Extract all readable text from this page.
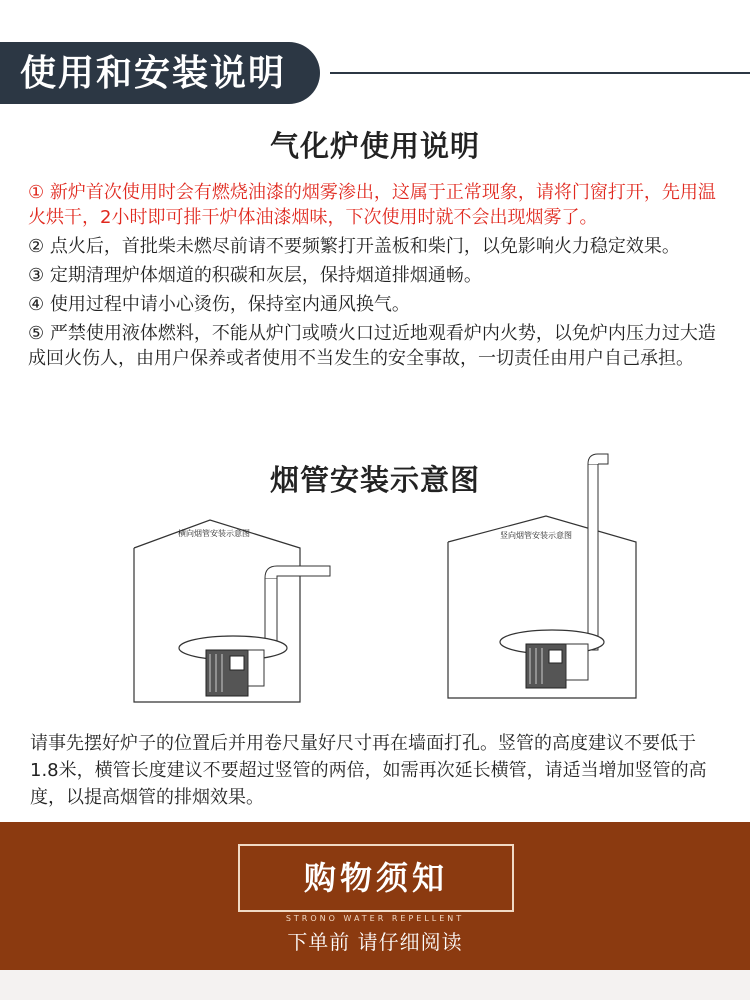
使用和安装说明
气化炉使用说明

① 新炉首次使用时会有燃烧油漆的烟雾渗出，这属于正常现象，请将门窗打开，先用温火烘干，2小时即可排干炉体油漆烟味，下次使用时就不会出现烟雾了。

② 点火后，首批柴未燃尽前请不要频繁打开盖板和柴门，以免影响火力稳定效果。

③ 定期清理炉体烟道的积碳和灰层，保持烟道排烟通畅。

④ 使用过程中请小心烫伤，保持室内通风换气。

⑤ 严禁使用液体燃料，不能从炉门或喷火口过近地观看炉内火势，以免炉内压力过大造成回火伤人，由用户保养或者使用不当发生的安全事故，一切责任由用户自己承担。

烟管安装示意图
横向烟管安装示意图	竖向烟管安装示意图
请事先摆好炉子的位置后并用卷尺量好尺寸再在墙面打孔。竖管的高度建议不要低于1.8米，横管长度建议不要超过竖管的两倍，如需再次延长横管，请适当增加竖管的高度，以提高烟管的排烟效果。
购物须知
STRONO WATER REPELLENT
下单前 请仔细阅读
